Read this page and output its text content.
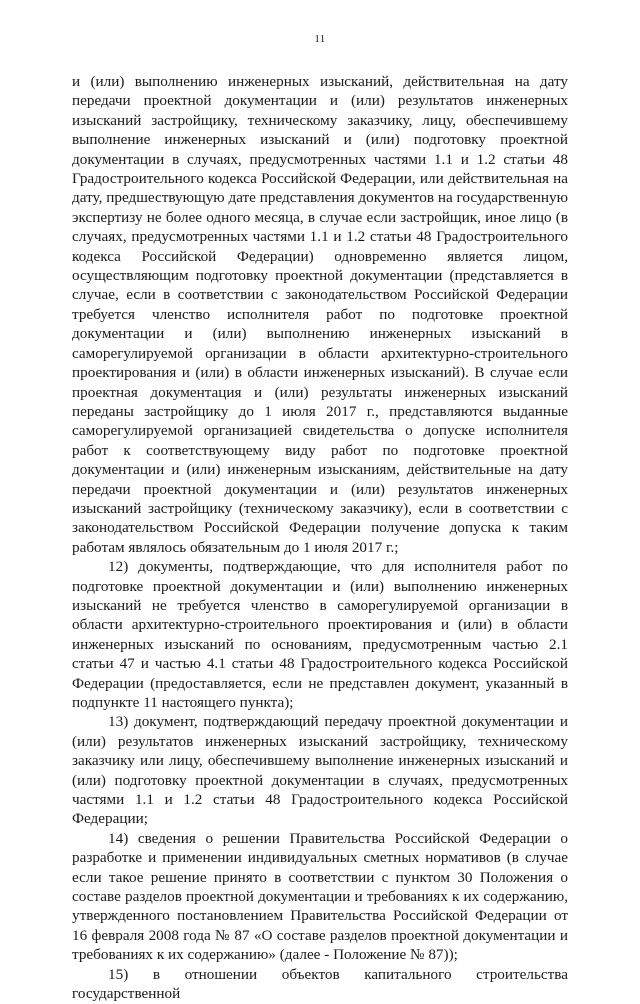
11

и (или) выполнению инженерных изысканий, действительная на дату передачи проектной документации и (или) результатов инженерных изысканий застройщику, техническому заказчику, лицу, обеспечившему выполнение инженерных изысканий и (или) подготовку проектной документации в случаях, предусмотренных частями 1.1 и 1.2 статьи 48 Градостроительного кодекса Российской Федерации, или действительная на дату, предшествующую дате представления документов на государственную экспертизу не более одного месяца, в случае если застройщик, иное лицо (в случаях, предусмотренных частями 1.1 и 1.2 статьи 48 Градостроительного кодекса Российской Федерации) одновременно является лицом, осуществляющим подготовку проектной документации (представляется в случае, если в соответствии с законодательством Российской Федерации требуется членство исполнителя работ по подготовке проектной документации и (или) выполнению инженерных изысканий в саморегулируемой организации в области архитектурно-строительного проектирования и (или) в области инженерных изысканий). В случае если проектная документация и (или) результаты инженерных изысканий переданы застройщику до 1 июля 2017 г., представляются выданные саморегулируемой организацией свидетельства о допуске исполнителя работ к соответствующему виду работ по подготовке проектной документации и (или) инженерным изысканиям, действительные на дату передачи проектной документации и (или) результатов инженерных изысканий застройщику (техническому заказчику), если в соответствии с законодательством Российской Федерации получение допуска к таким работам являлось обязательным до 1 июля 2017 г.;

12) документы, подтверждающие, что для исполнителя работ по подготовке проектной документации и (или) выполнению инженерных изысканий не требуется членство в саморегулируемой организации в области архитектурно-строительного проектирования и (или) в области инженерных изысканий по основаниям, предусмотренным частью 2.1 статьи 47 и частью 4.1 статьи 48 Градостроительного кодекса Российской Федерации (предоставляется, если не представлен документ, указанный в подпункте 11 настоящего пункта);

13) документ, подтверждающий передачу проектной документации и (или) результатов инженерных изысканий застройщику, техническому заказчику или лицу, обеспечившему выполнение инженерных изысканий и (или) подготовку проектной документации в случаях, предусмотренных частями 1.1 и 1.2 статьи 48 Градостроительного кодекса Российской Федерации;

14) сведения о решении Правительства Российской Федерации о разработке и применении индивидуальных сметных нормативов (в случае если такое решение принято в соответствии с пунктом 30 Положения о составе разделов проектной документации и требованиях к их содержанию, утвержденного постановлением Правительства Российской Федерации от 16 февраля 2008 года № 87 «О составе разделов проектной документации и требованиях к их содержанию» (далее - Положение № 87));

15) в отношении объектов капитального строительства государственной
